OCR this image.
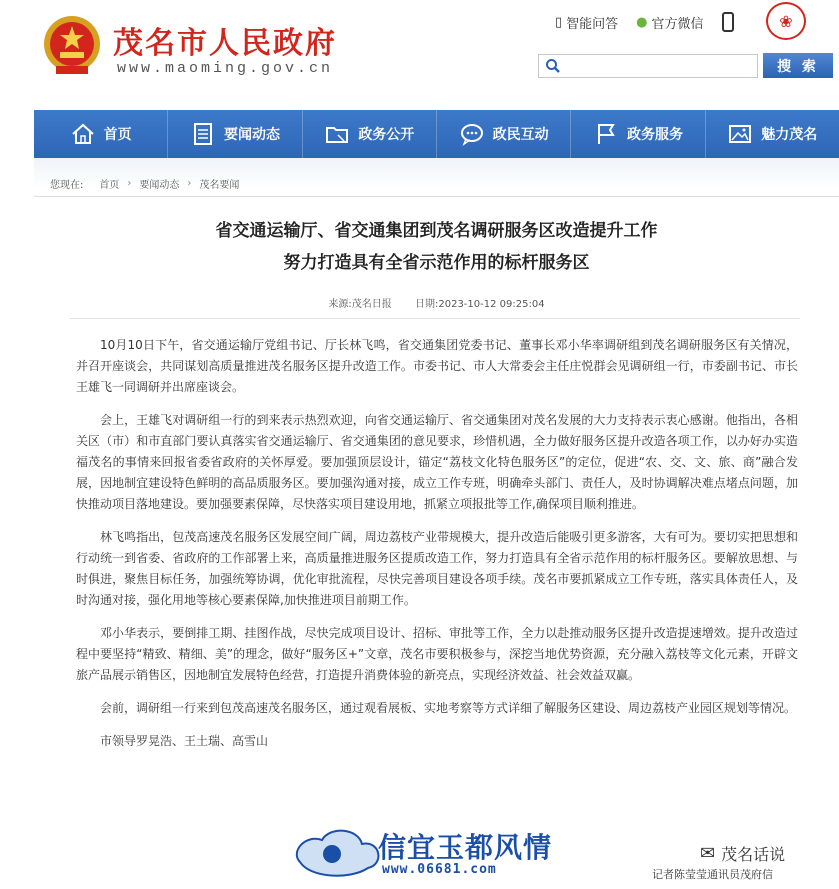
茂名市人民政府
www.maoming.gov.cn
▯ 智能问答 ● 官方微信	❀
搜 索
首页	要闻动态	政务公开	政民互动	政务服务	魅力茂名
您现在: 首页 › 要闻动态 › 茂名要闻
省交通运输厅、省交通集团到茂名调研服务区改造提升工作
努力打造具有全省示范作用的标杆服务区
来源:茂名日报 日期:2023-10-12 09:25:04

10月10日下午，省交通运输厅党组书记、厅长林飞鸣，省交通集团党委书记、董事长邓小华率调研组到茂名调研服务区有关情况，并召开座谈会，共同谋划高质量推进茂名服务区提升改造工作。市委书记、市人大常委会主任庄悦群会见调研组一行，市委副书记、市长王雄飞一同调研并出席座谈会。

会上，王雄飞对调研组一行的到来表示热烈欢迎，向省交通运输厅、省交通集团对茂名发展的大力支持表示衷心感谢。他指出，各相关区（市）和市直部门要认真落实省交通运输厅、省交通集团的意见要求，珍惜机遇，全力做好服务区提升改造各项工作，以办好办实造福茂名的事情来回报省委省政府的关怀厚爱。要加强顶层设计，锚定“荔枝文化特色服务区”的定位，促进“农、交、文、旅、商”融合发展，因地制宜建设特色鲜明的高品质服务区。要加强沟通对接，成立工作专班，明确牵头部门、责任人，及时协调解决难点堵点问题，加快推动项目落地建设。要加强要素保障，尽快落实项目建设用地，抓紧立项报批等工作,确保项目顺利推进。

林飞鸣指出，包茂高速茂名服务区发展空间广阔，周边荔枝产业带规模大，提升改造后能吸引更多游客，大有可为。要切实把思想和行动统一到省委、省政府的工作部署上来，高质量推进服务区提质改造工作，努力打造具有全省示范作用的标杆服务区。要解放思想、与时俱进，聚焦目标任务，加强统筹协调，优化审批流程，尽快完善项目建设各项手续。茂名市要抓紧成立工作专班，落实具体责任人，及时沟通对接，强化用地等核心要素保障,加快推进项目前期工作。

邓小华表示，要倒排工期、挂图作战，尽快完成项目设计、招标、审批等工作，全力以赴推动服务区提升改造提速增效。提升改造过程中要坚持“精致、精细、美”的理念，做好“服务区+”文章，茂名市要积极参与，深挖当地优势资源，充分融入荔枝等文化元素，开辟文旅产品展示销售区，因地制宜发展特色经营，打造提升消费体验的新亮点，实现经济效益、社会效益双赢。

会前，调研组一行来到包茂高速茂名服务区，通过观看展板、实地考察等方式详细了解服务区建设、周边荔枝产业园区规划等情况。

市领导罗晃浩、王土瑞、高雪山

信宜玉都风情
www.06681.com
✉ 茂名话说
记者陈莹莹通讯员茂府信
